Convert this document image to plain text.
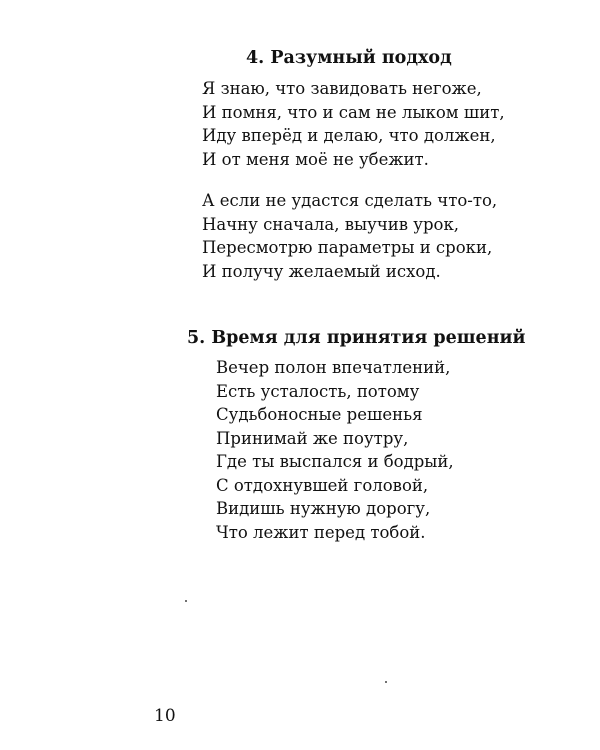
4. Разумный подход
Я знаю, что завидовать негоже,
И помня, что и сам не лыком шит,
Иду вперёд и делаю, что должен,
И от меня моё не убежит.
А если не удастся сделать что-то,
Начну сначала, выучив урок,
Пересмотрю параметры и сроки,
И получу желаемый исход.
5. Время для принятия решений
Вечер полон впечатлений,
Есть усталость, потому
Судьбоносные решенья
Принимай же поутру,
Где ты выспался и бодрый,
С отдохнувшей головой,
Видишь нужную дорогу,
Что лежит перед тобой.
10
